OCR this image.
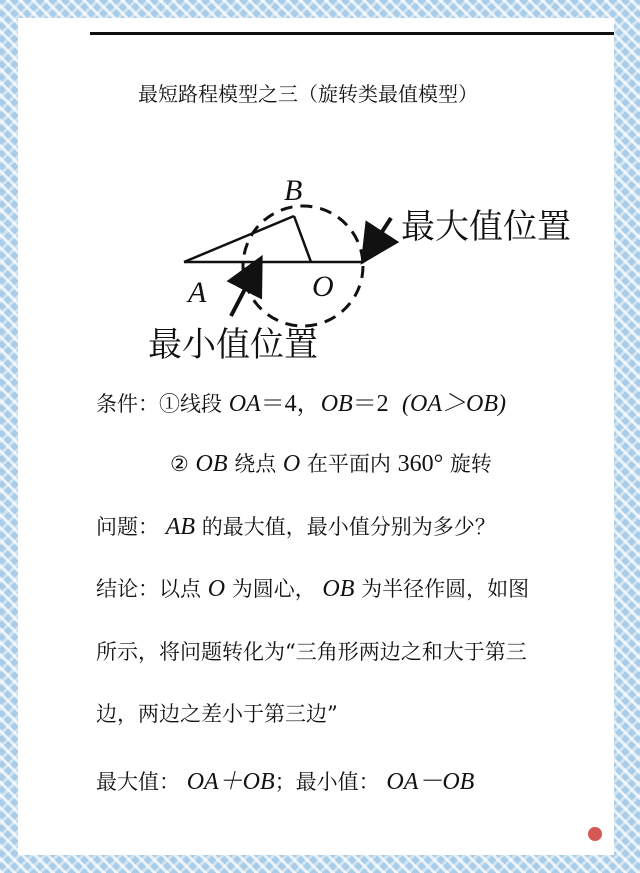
最短路程模型之三（旋转类最值模型）
B
A	O
最大值位置
最小值位置
条件：①线段 OA＝4，OB＝2 (OA＞OB)
② OB 绕点 O 在平面内 360° 旋转
问题： AB 的最大值，最小值分别为多少？
结论：以点 O 为圆心， OB 为半径作圆，如图
所示，将问题转化为“三角形两边之和大于第三
边，两边之差小于第三边”
最大值： OA＋OB；最小值： OA－OB
